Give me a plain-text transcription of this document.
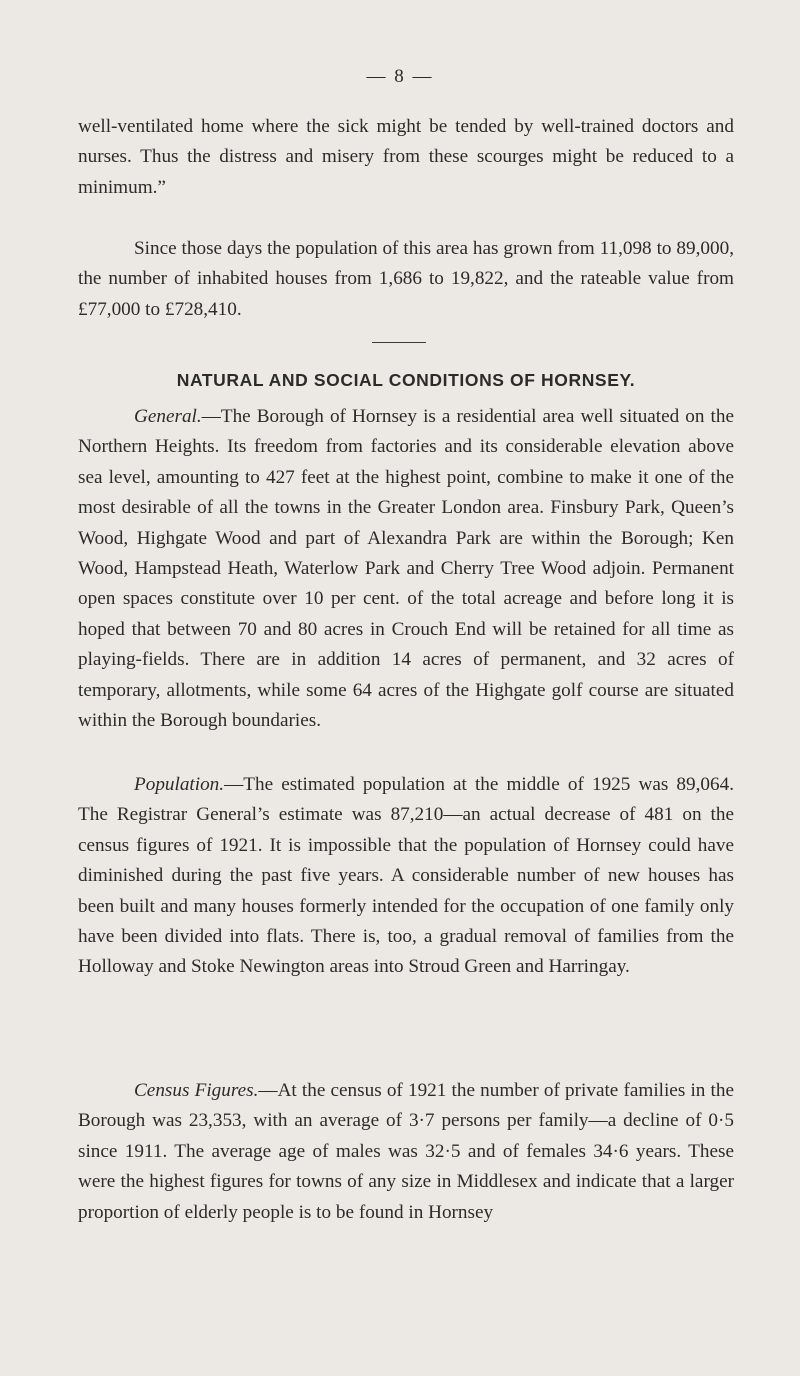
— 8 —

well-ventilated home where the sick might be tended by well-trained doctors and nurses. Thus the distress and misery from these scourges might be reduced to a minimum.”

Since those days the population of this area has grown from 11,098 to 89,000, the number of inhabited houses from 1,686 to 19,822, and the rateable value from £77,000 to £728,410.

NATURAL AND SOCIAL CONDITIONS OF HORNSEY.

General.—The Borough of Hornsey is a residential area well situated on the Northern Heights. Its freedom from factories and its considerable elevation above sea level, amounting to 427 feet at the highest point, combine to make it one of the most desirable of all the towns in the Greater London area. Finsbury Park, Queen’s Wood, Highgate Wood and part of Alexandra Park are within the Borough; Ken Wood, Hampstead Heath, Waterlow Park and Cherry Tree Wood adjoin. Permanent open spaces constitute over 10 per cent. of the total acreage and before long it is hoped that between 70 and 80 acres in Crouch End will be retained for all time as playing-fields. There are in addition 14 acres of permanent, and 32 acres of temporary, allotments, while some 64 acres of the Highgate golf course are situated within the Borough boundaries.

Population.—The estimated population at the middle of 1925 was 89,064. The Registrar General’s estimate was 87,210—an actual decrease of 481 on the census figures of 1921. It is impossible that the population of Hornsey could have diminished during the past five years. A considerable number of new houses has been built and many houses formerly intended for the occupation of one family only have been divided into flats. There is, too, a gradual removal of families from the Holloway and Stoke Newington areas into Stroud Green and Harringay.

Census Figures.—At the census of 1921 the number of private families in the Borough was 23,353, with an average of 3·7 persons per family—a decline of 0·5 since 1911. The average age of males was 32·5 and of females 34·6 years. These were the highest figures for towns of any size in Middlesex and indicate that a larger proportion of elderly people is to be found in Hornsey
